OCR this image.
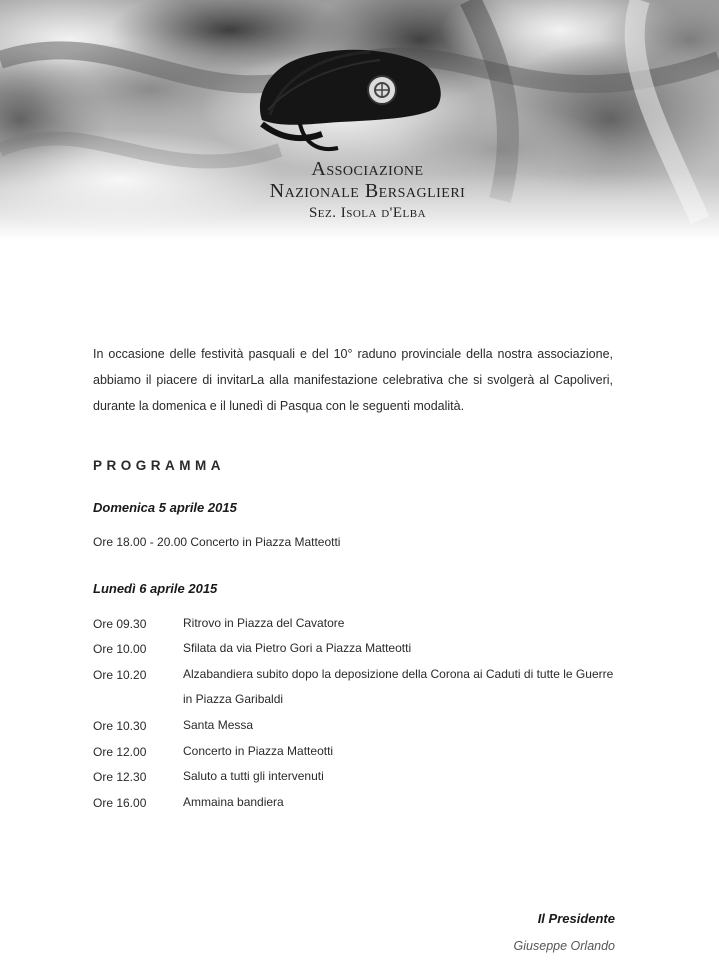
Associazione
Nazionale Bersaglieri
Sez. Isola d'Elba

In occasione delle festività pasquali e del 10° raduno provinciale della nostra associazione,

abbiamo il piacere di invitarLa alla manifestazione celebrativa che si svolgerà al Capoliveri,

durante la domenica e il lunedì di Pasqua con le seguenti modalità.

PROGRAMMA
Domenica 5 aprile 2015
Ore 18.00 - 20.00 Concerto in Piazza Matteotti
Lunedì 6 aprile 2015
Ore 09.30	Ritrovo in Piazza del Cavatore
Ore 10.00	Sfilata da via Pietro Gori a Piazza Matteotti
Ore 10.20	Alzabandiera subito dopo la deposizione della Corona ai Caduti di tutte le Guerre in Piazza Garibaldi
Ore 10.30	Santa Messa
Ore 12.00	Concerto in Piazza Matteotti
Ore 12.30	Saluto a tutti gli intervenuti
Ore 16.00	Ammaina bandiera
Il Presidente
Giuseppe Orlando
